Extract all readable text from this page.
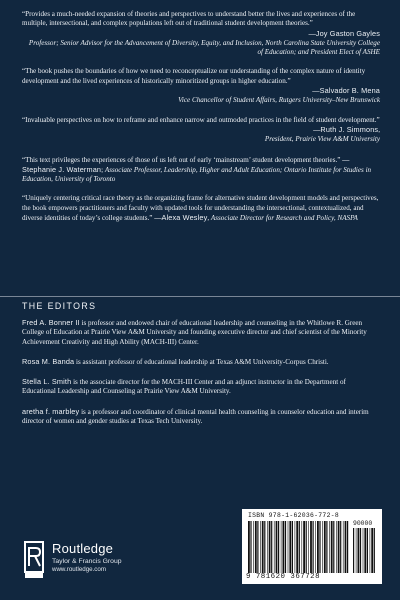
“Provides a much-needed expansion of theories and perspectives to understand better the lives and experiences of the multiple, intersectional, and complex populations left out of traditional student development theories.”
—Joy Gaston Gayles
Professor; Senior Advisor for the Advancement of Diversity, Equity, and Inclusion, North Carolina State University College of Education; and President Elect of ASHE

“The book pushes the boundaries of how we need to reconceptualize our understanding of the complex nature of identity development and the lived experiences of historically minoritized groups in higher education.”
—Salvador B. Mena
Vice Chancellor of Student Affairs, Rutgers University–New Brunswick

“Invaluable perspectives on how to reframe and enhance narrow and outmoded practices in the field of student development.”
—Ruth J. Simmons,
President, Prairie View A&M University

“This text privileges the experiences of those of us left out of early ‘mainstream’ student development theories.” —Stephanie J. Waterman; Associate Professor, Leadership, Higher and Adult Education; Ontario Institute for Studies in Education, University of Toronto

“Uniquely centering critical race theory as the organizing frame for alternative student development models and perspectives, the book empowers practitioners and faculty with updated tools for understanding the intersectional, contextualized, and diverse identities of today’s college students.” —Alexa Wesley, Associate Director for Research and Policy, NASPA

THE EDITORS

Fred A. Bonner II is professor and endowed chair of educational leadership and counseling in the Whitlowe R. Green College of Education at Prairie View A&M University and founding executive director and chief scientist of the Minority Achievement Creativity and High Ability (MACH-III) Center.

Rosa M. Banda is assistant professor of educational leadership at Texas A&M University-Corpus Christi.

Stella L. Smith is the associate director for the MACH-III Center and an adjunct instructor in the Department of Educational Leadership and Counseling at Prairie View A&M University.

aretha f. marbley is a professor and coordinator of clinical mental health counseling in counselor education and interim director of women and gender studies at Texas Tech University.

Routledge
Taylor & Francis Group
www.routledge.com
ISBN 978-1-62036-772-8
90000
9 781620 367728
